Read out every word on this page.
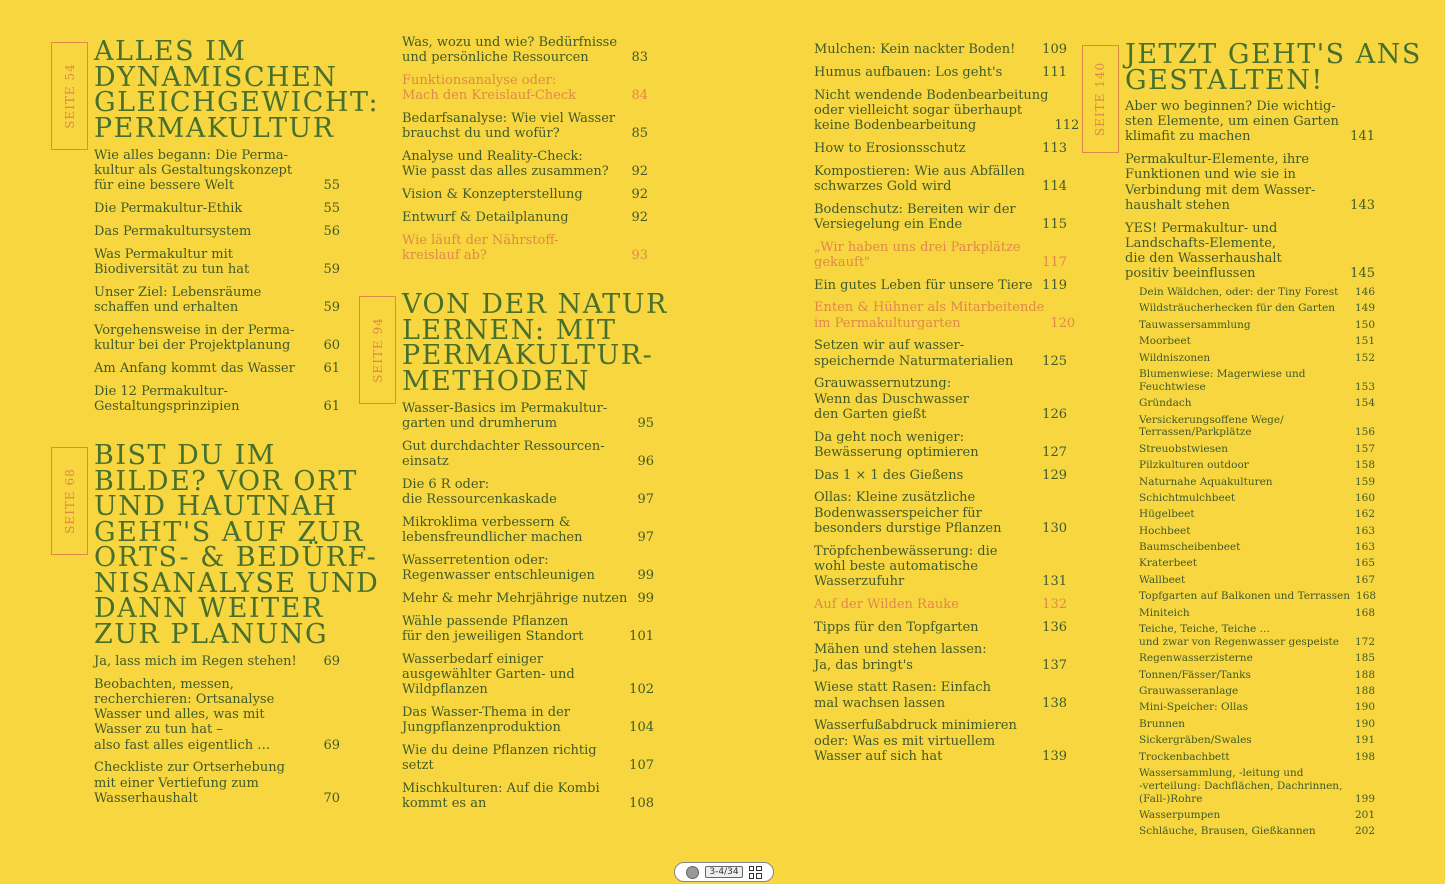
SEITE 54
ALLES IM
DYNAMISCHEN
GLEICHGEWICHT:
PERMAKULTUR
Wie alles begann: Die Perma-
kultur als Gestaltungskonzept
für eine bessere Welt	55
Die Permakultur-Ethik	55
Das Permakultursystem	56
Was Permakultur mit
Biodiversität zu tun hat	59
Unser Ziel: Lebensräume
schaffen und erhalten	59
Vorgehensweise in der Perma-
kultur bei der Projektplanung	60
Am Anfang kommt das Wasser	61
Die 12 Permakultur-
Gestaltungsprinzipien	61
SEITE 68
BIST DU IM
BILDE? VOR ORT
UND HAUTNAH
GEHT'S AUF ZUR
ORTS- & BEDÜRF-
NISANALYSE UND
DANN WEITER
ZUR PLANUNG
Ja, lass mich im Regen stehen!	69
Beobachten, messen,
recherchieren: Ortsanalyse
Wasser und alles, was mit
Wasser zu tun hat –
also fast alles eigentlich …	69
Checkliste zur Ortserhebung
mit einer Vertiefung zum
Wasserhaushalt	70
Was, wozu und wie? Bedürfnisse
und persönliche Ressourcen	83
Funktionsanalyse oder:
Mach den Kreislauf-Check	84
Bedarfsanalyse: Wie viel Wasser
brauchst du und wofür?	85
Analyse und Reality-Check:
Wie passt das alles zusammen?	92
Vision & Konzepterstellung	92
Entwurf & Detailplanung	92
Wie läuft der Nährstoff-
kreislauf ab?	93
SEITE 94
VON DER NATUR
LERNEN: MIT
PERMAKULTUR-
METHODEN
Wasser-Basics im Permakultur-
garten und drumherum	95
Gut durchdachter Ressourcen-
einsatz	96
Die 6 R oder:
die Ressourcenkaskade	97
Mikroklima verbessern &
lebensfreundlicher machen	97
Wasserretention oder:
Regenwasser entschleunigen	99
Mehr & mehr Mehrjährige nutzen 99
Wähle passende Pflanzen
für den jeweiligen Standort	101
Wasserbedarf einiger
ausgewählter Garten- und
Wildpflanzen	102
Das Wasser-Thema in der
Jungpflanzenproduktion	104
Wie du deine Pflanzen richtig
setzt	107
Mischkulturen: Auf die Kombi
kommt es an	108
Mulchen: Kein nackter Boden!	109
Humus aufbauen: Los geht's	111
Nicht wendende Bodenbearbeitung
oder vielleicht sogar überhaupt
keine Bodenbearbeitung	112
How to Erosionsschutz	113
Kompostieren: Wie aus Abfällen
schwarzes Gold wird	114
Bodenschutz: Bereiten wir der
Versiegelung ein Ende	115
„Wir haben uns drei Parkplätze
gekauft"	117
Ein gutes Leben für unsere Tiere 119
Enten & Hühner als Mitarbeitende
im Permakulturgarten	120
Setzen wir auf wasser-
speichernde Naturmaterialien	125
Grauwassernutzung:
Wenn das Duschwasser
den Garten gießt	126
Da geht noch weniger:
Bewässerung optimieren	127
Das 1 × 1 des Gießens	129
Ollas: Kleine zusätzliche
Bodenwasserspeicher für
besonders durstige Pflanzen	130
Tröpfchenbewässerung: die
wohl beste automatische
Wasserzufuhr	131
Auf der Wilden Rauke	132
Tipps für den Topfgarten	136
Mähen und stehen lassen:
Ja, das bringt's	137
Wiese statt Rasen: Einfach
mal wachsen lassen	138
Wasserfußabdruck minimieren
oder: Was es mit virtuellem
Wasser auf sich hat	139
SEITE 140
JETZT GEHT'S ANS
GESTALTEN!
Aber wo beginnen? Die wichtig-
sten Elemente, um einen Garten
klimafit zu machen	141
Permakultur-Elemente, ihre
Funktionen und wie sie in
Verbindung mit dem Wasser-
haushalt stehen	143
YES! Permakultur- und
Landschafts-Elemente,
die den Wasserhaushalt
positiv beeinflussen	145
Dein Wäldchen, oder: der Tiny Forest	146
Wildsträucherhecken für den Garten	149
Tauwassersammlung	150
Moorbeet	151
Wildniszonen	152
Blumenwiese: Magerwiese und
Feuchtwiese	153
Gründach	154
Versickerungsoffene Wege/
Terrassen/Parkplätze	156
Streuobstwiesen	157
Pilzkulturen outdoor	158
Naturnahe Aquakulturen	159
Schichtmulchbeet	160
Hügelbeet	162
Hochbeet	163
Baumscheibenbeet	163
Kraterbeet	165
Wallbeet	167
Topfgarten auf Balkonen und Terrassen 168
Miniteich	168
Teiche, Teiche, Teiche …
und zwar von Regenwasser gespeiste	172
Regenwasserzisterne	185
Tonnen/Fässer/Tanks	188
Grauwasseranlage	188
Mini-Speicher: Ollas	190
Brunnen	190
Sickergräben/Swales	191
Trockenbachbett	198
Wassersammlung, -leitung und
-verteilung: Dachflächen, Dachrinnen,
(Fall-)Rohre	199
Wasserpumpen	201
Schläuche, Brausen, Gießkannen	202
3-4/34
